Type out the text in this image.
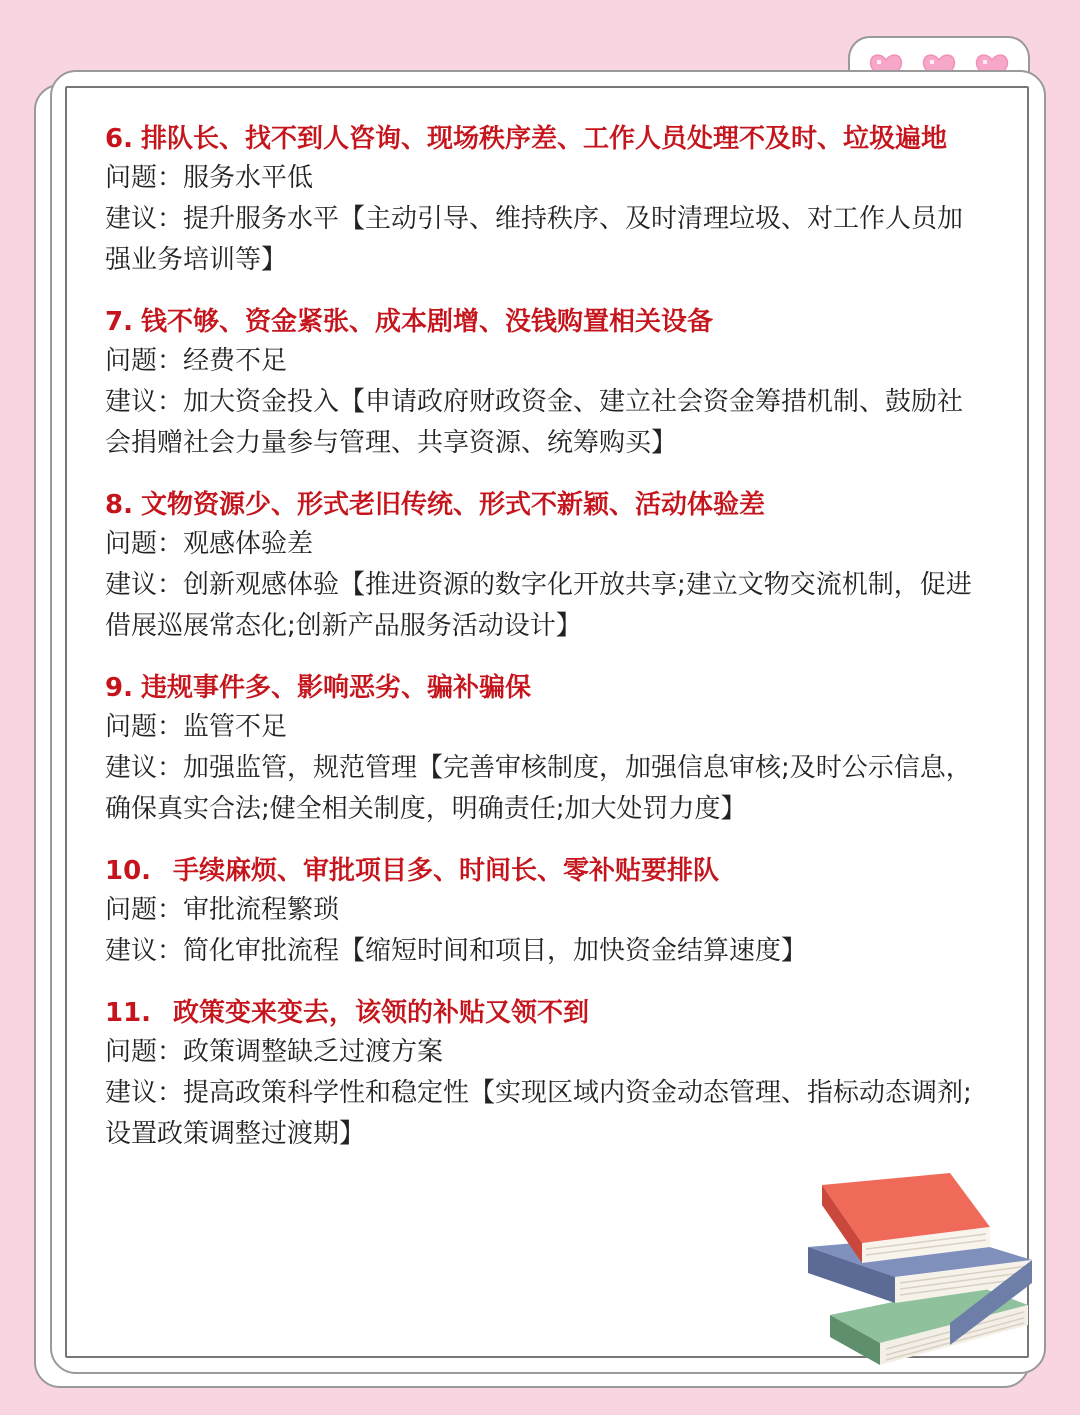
6. 排队长、找不到人咨询、现场秩序差、工作人员处理不及时、垃圾遍地
问题：服务水平低
建议：提升服务水平【主动引导、维持秩序、及时清理垃圾、对工作人员加强业务培训等】
7. 钱不够、资金紧张、成本剧增、没钱购置相关设备
问题：经费不足
建议：加大资金投入【申请政府财政资金、建立社会资金筹措机制、鼓励社会捐赠社会力量参与管理、共享资源、统筹购买】
8. 文物资源少、形式老旧传统、形式不新颖、活动体验差
问题：观感体验差
建议：创新观感体验【推进资源的数字化开放共享;建立文物交流机制，促进借展巡展常态化;创新产品服务活动设计】
9. 违规事件多、影响恶劣、骗补骗保
问题：监管不足
建议：加强监管，规范管理【完善审核制度，加强信息审核;及时公示信息，确保真实合法;健全相关制度，明确责任;加大处罚力度】
10. 手续麻烦、审批项目多、时间长、零补贴要排队
问题：审批流程繁琐
建议：简化审批流程【缩短时间和项目，加快资金结算速度】
11. 政策变来变去，该领的补贴又领不到
问题：政策调整缺乏过渡方案
建议：提高政策科学性和稳定性【实现区域内资金动态管理、指标动态调剂;设置政策调整过渡期】
